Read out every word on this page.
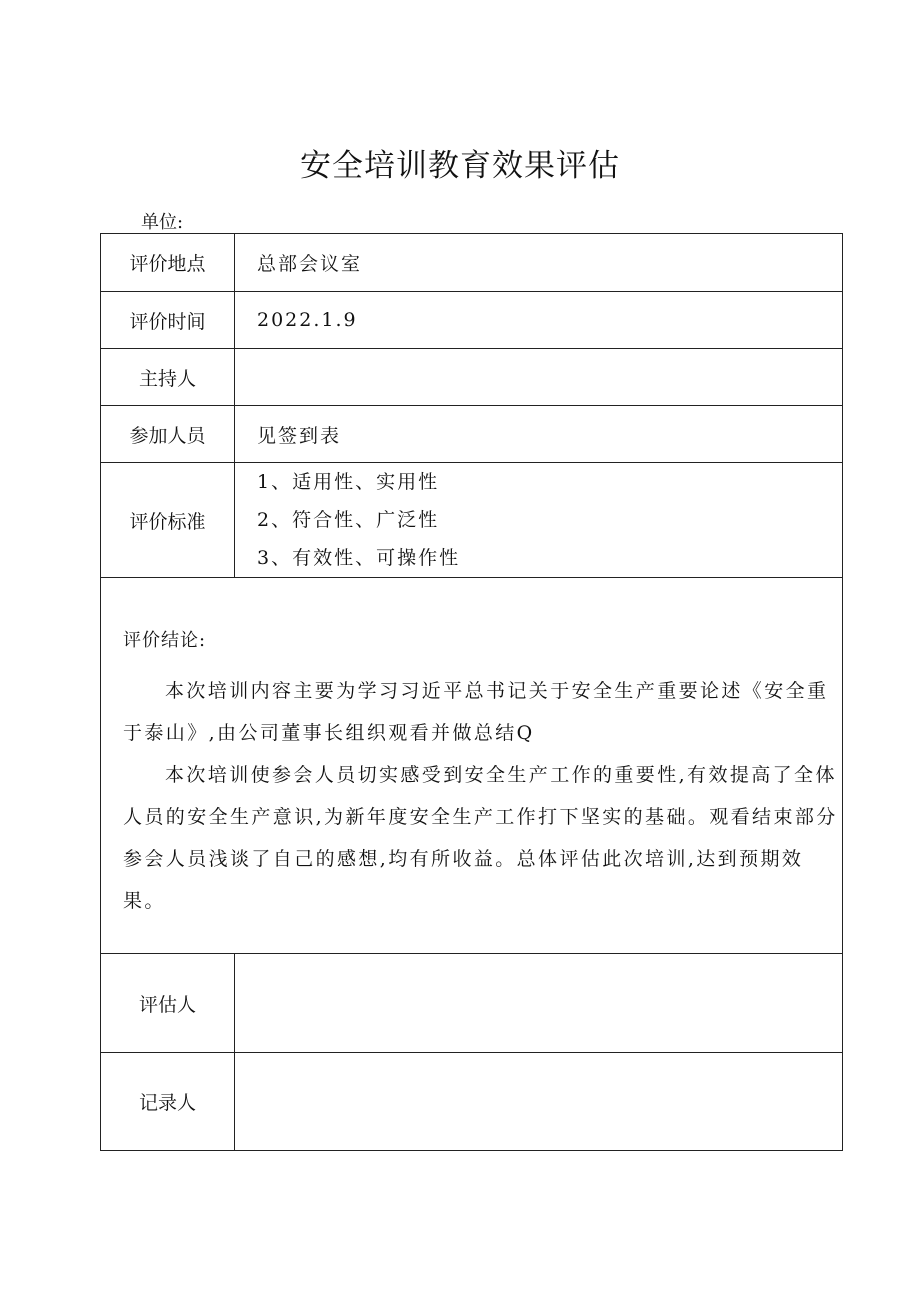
安全培训教育效果评估
单位:
评价地点	总部会议室
评价时间	2022.1.9
主持人	
参加人员	见签到表
评价标准	1、适用性、实用性
2、符合性、广泛性
3、有效性、可操作性

评价结论:

本次培训内容主要为学习习近平总书记关于安全生产重要论述《安全重于泰山》,由公司董事长组织观看并做总结Q

本次培训使参会人员切实感受到安全生产工作的重要性,有效提高了全体人员的安全生产意识,为新年度安全生产工作打下坚实的基础。观看结束部分参会人员浅谈了自己的感想,均有所收益。总体评估此次培训,达到预期效果。	

评估人	
记录人	
